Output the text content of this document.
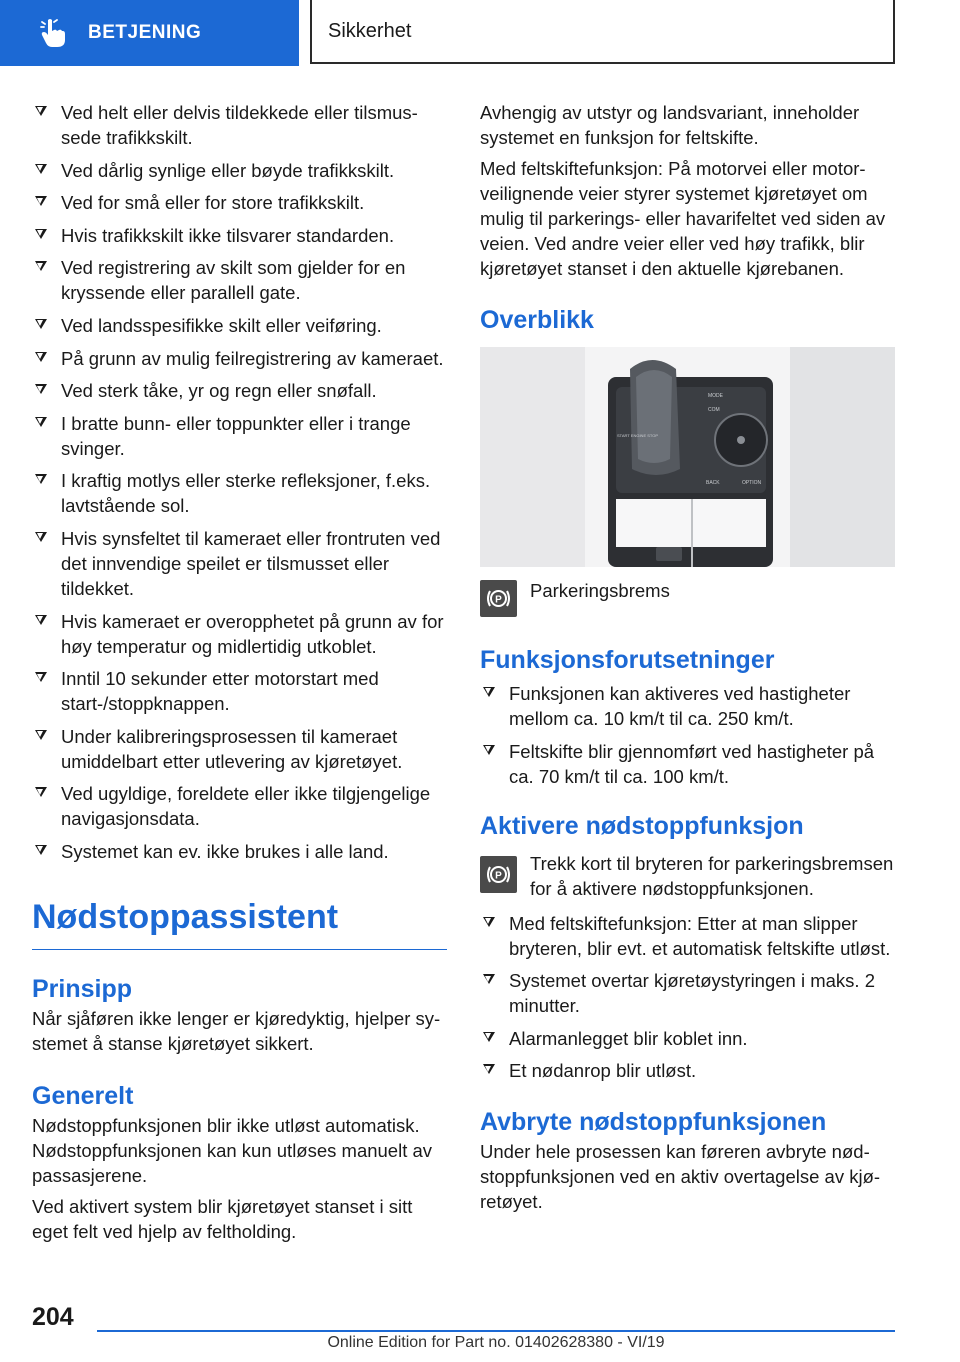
BETJENING	Sikkerhet
Ved helt eller delvis tildekkede eller tilsmussede trafikkskilt.
Ved dårlig synlige eller bøyde trafikkskilt.
Ved for små eller for store trafikkskilt.
Hvis trafikkskilt ikke tilsvarer standarden.
Ved registrering av skilt som gjelder for en kryssende eller parallell gate.
Ved landsspesifikke skilt eller veiføring.
På grunn av mulig feilregistrering av kameraet.
Ved sterk tåke, yr og regn eller snøfall.
I bratte bunn- eller toppunkter eller i trange svinger.
I kraftig motlys eller sterke refleksjoner, f.eks. lavtstående sol.
Hvis synsfeltet til kameraet eller frontruten ved det innvendige speilet er tilsmusset eller tildekket.
Hvis kameraet er overopphetet på grunn av for høy temperatur og midlertidig utkoblet.
Inntil 10 sekunder etter motorstart med start-/stoppknappen.
Under kalibreringsprosessen til kameraet umiddelbart etter utlevering av kjøretøyet.
Ved ugyldige, foreldete eller ikke tilgjengelige navigasjonsdata.
Systemet kan ev. ikke brukes i alle land.
Nødstoppassistent
Prinsipp

Når sjåføren ikke lenger er kjøredyktig, hjelper systemet å stanse kjøretøyet sikkert.

Generelt

Nødstoppfunksjonen blir ikke utløst automatisk. Nødstoppfunksjonen kan kun utløses manuelt av passasjerene.

Ved aktivert system blir kjøretøyet stanset i sitt eget felt ved hjelp av feltholding.

Avhengig av utstyr og landsvariant, inneholder systemet en funksjon for feltskifte.

Med feltskiftefunksjon: På motorvei eller motorveilignende veier styrer systemet kjøretøyet om mulig til parkerings- eller havarifeltet ved siden av veien. Ved andre veier eller ved høy trafikk, blir kjøretøyet stanset i den aktuelle kjørebanen.

Overblikk
MODE
COM
BACK	OPTION
START ENGINE STOP
P Parkeringsbrems
Funksjonsforutsetninger
Funksjonen kan aktiveres ved hastigheter mellom ca. 10 km/t til ca. 250 km/t.
Feltskifte blir gjennomført ved hastigheter på ca. 70 km/t til ca. 100 km/t.
Aktivere nødstoppfunksjon
P
Trekk kort til bryteren for parkeringsbremsen for å aktivere nødstoppfunksjonen.
Med feltskiftefunksjon: Etter at man slipper bryteren, blir evt. et automatisk feltskifte utløst.
Systemet overtar kjøretøystyringen i maks. 2 minutter.
Alarmanlegget blir koblet inn.
Et nødanrop blir utløst.
Avbryte nødstoppfunksjonen

Under hele prosessen kan føreren avbryte nødstoppfunksjonen ved en aktiv overtagelse av kjøretøyet.

204
Online Edition for Part no. 01402628380 - VI/19
